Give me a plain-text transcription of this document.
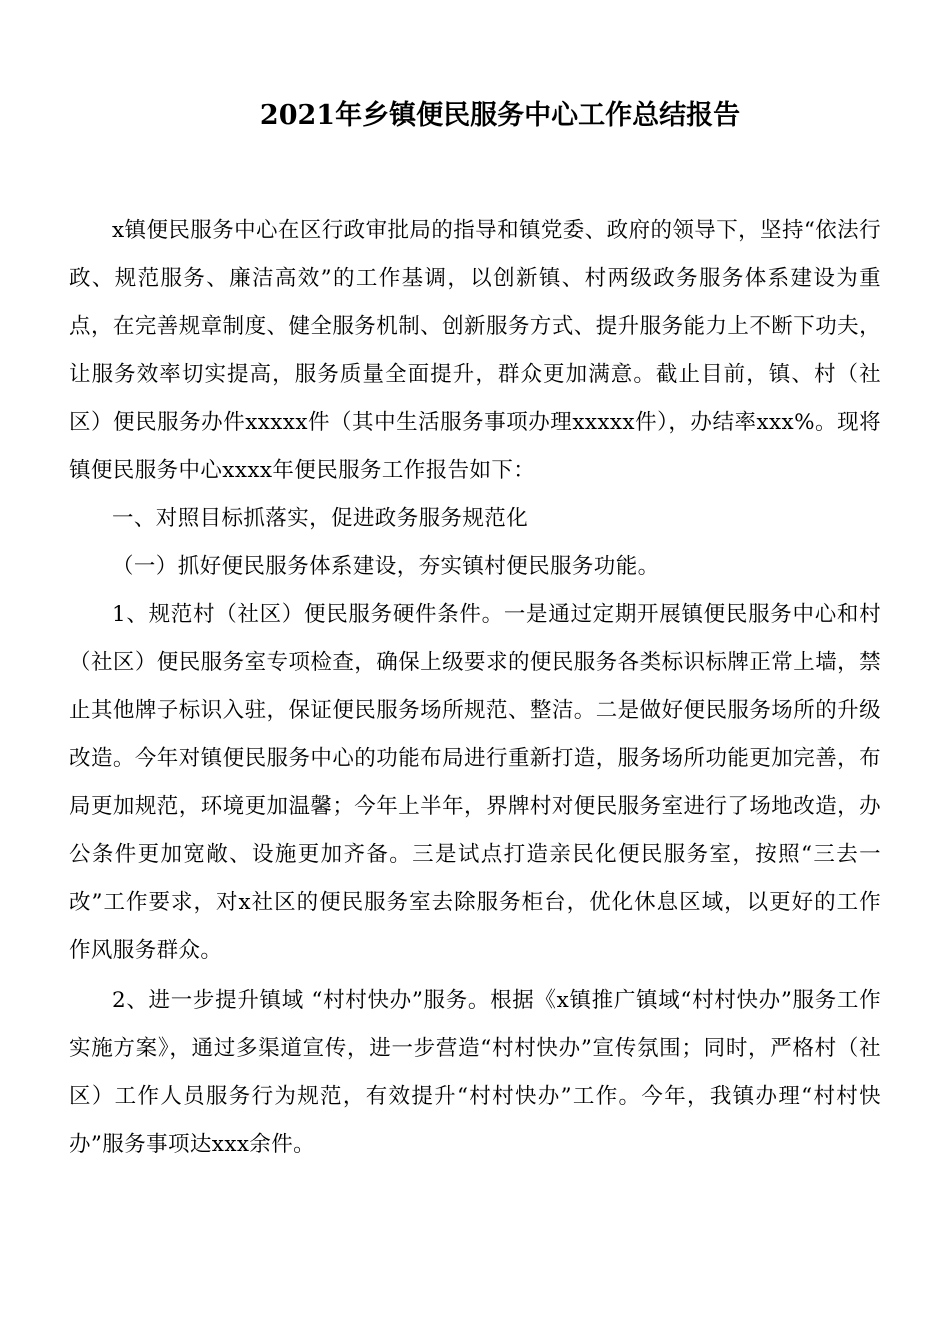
2021年乡镇便民服务中心工作总结报告

x镇便民服务中心在区行政审批局的指导和镇党委、政府的领导下，坚持“依法行政、规范服务、廉洁高效”的工作基调，以创新镇、村两级政务服务体系建设为重点，在完善规章制度、健全服务机制、创新服务方式、提升服务能力上不断下功夫，让服务效率切实提高，服务质量全面提升，群众更加满意。截止目前，镇、村（社区）便民服务办件xxxxx件（其中生活服务事项办理xxxxx件），办结率xxx%。现将镇便民服务中心xxxx年便民服务工作报告如下：

一、对照目标抓落实，促进政务服务规范化

（一）抓好便民服务体系建设，夯实镇村便民服务功能。

1、规范村（社区）便民服务硬件条件。一是通过定期开展镇便民服务中心和村（社区）便民服务室专项检查，确保上级要求的便民服务各类标识标牌正常上墙，禁止其他牌子标识入驻，保证便民服务场所规范、整洁。二是做好便民服务场所的升级改造。今年对镇便民服务中心的功能布局进行重新打造，服务场所功能更加完善，布局更加规范，环境更加温馨；今年上半年，界牌村对便民服务室进行了场地改造，办公条件更加宽敞、设施更加齐备。三是试点打造亲民化便民服务室，按照“三去一改”工作要求，对x社区的便民服务室去除服务柜台，优化休息区域，以更好的工作作风服务群众。

2、进一步提升镇域 “村村快办”服务。根据《x镇推广镇域“村村快办”服务工作实施方案》，通过多渠道宣传，进一步营造“村村快办”宣传氛围；同时，严格村（社区）工作人员服务行为规范，有效提升“村村快办”工作。今年，我镇办理“村村快办”服务事项达xxx余件。
